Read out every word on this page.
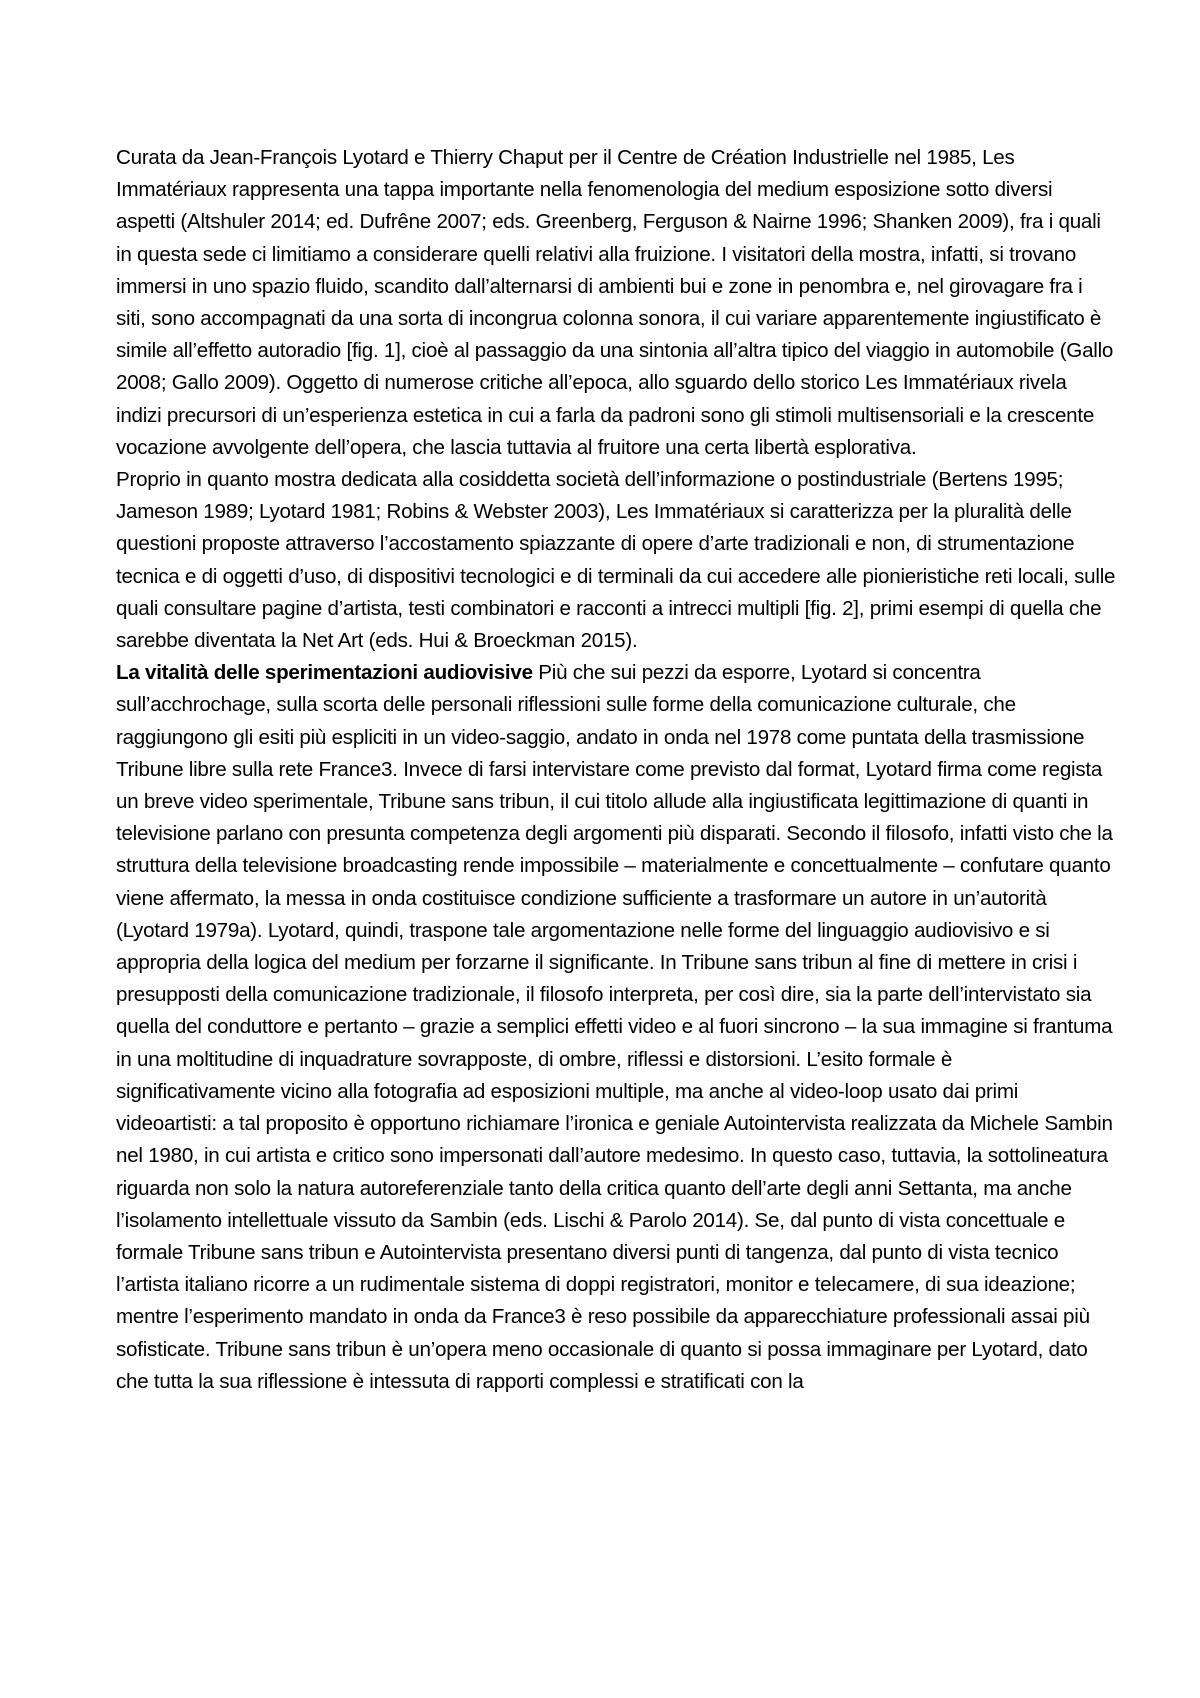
Curata da Jean-François Lyotard e Thierry Chaput per il Centre de Création Industrielle nel 1985, Les Immatériaux rappresenta una tappa importante nella fenomenologia del medium esposizione sotto diversi aspetti (Altshuler 2014; ed. Dufrêne 2007; eds. Greenberg, Ferguson & Nairne 1996; Shanken 2009), fra i quali in questa sede ci limitiamo a considerare quelli relativi alla fruizione. I visitatori della mostra, infatti, si trovano immersi in uno spazio fluido, scandito dall’alternarsi di ambienti bui e zone in penombra e, nel girovagare fra i siti, sono accompagnati da una sorta di incongrua colonna sonora, il cui variare apparentemente ingiustificato è simile all’effetto autoradio [fig. 1], cioè al passaggio da una sintonia all’altra tipico del viaggio in automobile (Gallo 2008; Gallo 2009). Oggetto di numerose critiche all’epoca, allo sguardo dello storico Les Immatériaux rivela indizi precursori di un’esperienza estetica in cui a farla da padroni sono gli stimoli multisensoriali e la crescente vocazione avvolgente dell’opera, che lascia tuttavia al fruitore una certa libertà esplorativa.

Proprio in quanto mostra dedicata alla cosiddetta società dell’informazione o postindustriale (Bertens 1995; Jameson 1989; Lyotard 1981; Robins & Webster 2003), Les Immatériaux si caratterizza per la pluralità delle questioni proposte attraverso l’accostamento spiazzante di opere d’arte tradizionali e non, di strumentazione tecnica e di oggetti d’uso, di dispositivi tecnologici e di terminali da cui accedere alle pionieristiche reti locali, sulle quali consultare pagine d’artista, testi combinatori e racconti a intrecci multipli [fig. 2], primi esempi di quella che sarebbe diventata la Net Art (eds. Hui & Broeckman 2015).

La vitalità delle sperimentazioni audiovisive Più che sui pezzi da esporre, Lyotard si concentra sull’acchrochage, sulla scorta delle personali riflessioni sulle forme della comunicazione culturale, che raggiungono gli esiti più espliciti in un video-saggio, andato in onda nel 1978 come puntata della trasmissione Tribune libre sulla rete France3. Invece di farsi intervistare come previsto dal format, Lyotard firma come regista un breve video sperimentale, Tribune sans tribun, il cui titolo allude alla ingiustificata legittimazione di quanti in televisione parlano con presunta competenza degli argomenti più disparati. Secondo il filosofo, infatti visto che la struttura della televisione broadcasting rende impossibile – materialmente e concettualmente – confutare quanto viene affermato, la messa in onda costituisce condizione sufficiente a trasformare un autore in un’autorità (Lyotard 1979a). Lyotard, quindi, traspone tale argomentazione nelle forme del linguaggio audiovisivo e si appropria della logica del medium per forzarne il significante. In Tribune sans tribun al fine di mettere in crisi i presupposti della comunicazione tradizionale, il filosofo interpreta, per così dire, sia la parte dell’intervistato sia quella del conduttore e pertanto – grazie a semplici effetti video e al fuori sincrono – la sua immagine si frantuma in una moltitudine di inquadrature sovrapposte, di ombre, riflessi e distorsioni. L’esito formale è significativamente vicino alla fotografia ad esposizioni multiple, ma anche al video-loop usato dai primi videoartisti: a tal proposito è opportuno richiamare l’ironica e geniale Autointervista realizzata da Michele Sambin nel 1980, in cui artista e critico sono impersonati dall’autore medesimo. In questo caso, tuttavia, la sottolineatura riguarda non solo la natura autoreferenziale tanto della critica quanto dell’arte degli anni Settanta, ma anche l’isolamento intellettuale vissuto da Sambin (eds. Lischi & Parolo 2014). Se, dal punto di vista concettuale e formale Tribune sans tribun e Autointervista presentano diversi punti di tangenza, dal punto di vista tecnico l’artista italiano ricorre a un rudimentale sistema di doppi registratori, monitor e telecamere, di sua ideazione; mentre l’esperimento mandato in onda da France3 è reso possibile da apparecchiature professionali assai più sofisticate. Tribune sans tribun è un’opera meno occasionale di quanto si possa immaginare per Lyotard, dato che tutta la sua riflessione è intessuta di rapporti complessi e stratificati con la
